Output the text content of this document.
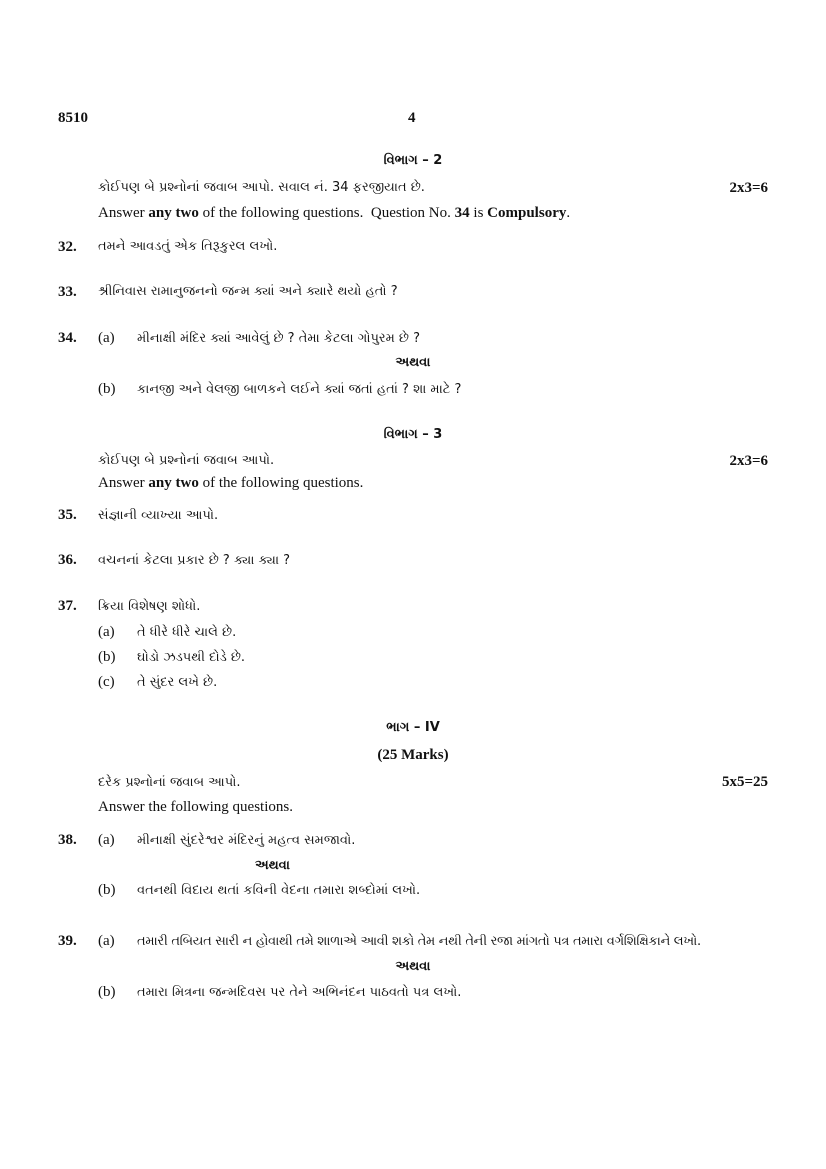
8510	4
વિભાગ – 2
કોઈપણ બે પ્રશ્નોનાં જવાબ આપો. સવાલ નં. 34 ફરજીયાત છે.	2x3=6
Answer any two of the following questions.  Question No. 34 is Compulsory.
32. તમને આવડતું એક તિરૂકુરલ લખો.
33. શ્રીનિવાસ રામાનુજનનો જન્મ ક્યાં અને ક્યારે થયો હતો ?
34. (a) મીનાક્ષી મંદિર ક્યાં આવેલું છે ? તેમા કેટલા ગોપુરમ છે ?
અથવા
(b) કાનજી અને વેલજી બાળકને લઈને ક્યાં જતાં હતાં ? શા માટે ?
વિભાગ – 3
કોઈપણ બે પ્રશ્નોનાં જવાબ આપો.	2x3=6
Answer any two of the following questions.
35. સંજ્ઞાની વ્યાખ્યા આપો.
36. વચનનાં કેટલા પ્રકાર છે ? ક્યા ક્યા ?
37. ક્રિયા વિશેષણ શોધો.
(a) તે ધીરે ધીરે ચાલે છે.
(b) ઘોડો ઝડપથી દોડે છે.
(c) તે સુંદર લખે છે.
ભાગ – IV
(25 Marks)
દરેક પ્રશ્નોનાં જવાબ આપો.	5x5=25
Answer the following questions.
38. (a) મીનાક્ષી સુંદરેશ્વર મંદિરનું મહત્વ સમજાવો.
અથવા
(b) વતનથી વિદાય થતાં કવિની વેદના તમારા શબ્દોમાં લખો.
39. (a) તમારી તબિયત સારી ન હોવાથી તમે શાળાએ આવી શકો તેમ નથી તેની રજા માંગતો પત્ર તમારા વર્ગશિક્ષિકાને લખો.
અથવા
(b) તમારા મિત્રના જન્મદિવસ પર તેને અભિનંદન પાઠવતો પત્ર લખો.
